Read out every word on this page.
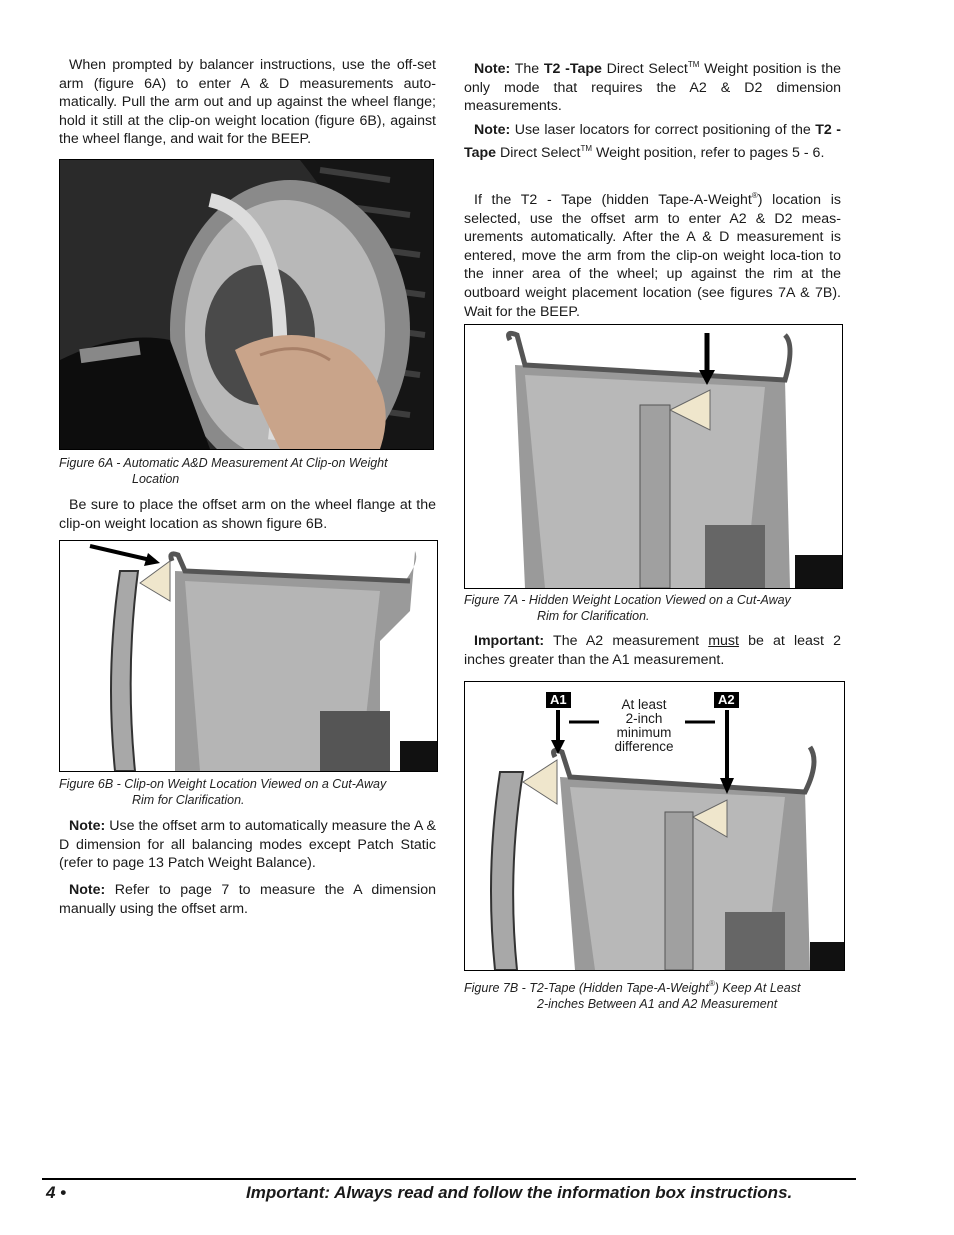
When prompted by balancer instructions, use the off-set arm (figure 6A) to enter A & D measurements auto-matically. Pull the arm out and up against the wheel flange; hold it still at the clip-on weight location (figure 6B), against the wheel flange, and wait for the BEEP.

Figure 6A - Automatic A&D Measurement At Clip-on Weight
Location

Be sure to place the offset arm on the wheel flange at the clip-on weight location as shown figure 6B.

Figure 6B - Clip-on Weight Location Viewed on a Cut-Away
Rim for Clarification.

Note: Use the offset arm to automatically measure the A & D dimension for all balancing modes except Patch Static (refer to page 13 Patch Weight Balance).

Note: Refer to page 7 to measure the A dimension manually using the offset arm.

Note: The T2 -Tape Direct Select™ Weight position is the only mode that requires the A2 & D2 dimension measurements.

Note: Use laser locators for correct positioning of the T2 -Tape Direct Select™ Weight position, refer to pages 5 - 6.

If the T2 - Tape (hidden Tape-A-Weight®) location is selected, use the offset arm to enter A2 & D2 meas-urements automatically. After the A & D measurement is entered, move the arm from the clip-on weight loca-tion to the inner area of the wheel; up against the rim at the outboard weight placement location (see figures 7A & 7B). Wait for the BEEP.

Figure 7A - Hidden Weight Location Viewed on a Cut-Away
Rim for Clarification.

Important: The A2 measurement must be at least 2 inches greater than the A1 measurement.

A1	A2
At least
2-inch
minimum
difference
Figure 7B - T2-Tape (Hidden Tape-A-Weight®) Keep At Least
2-inches Between A1 and A2 Measurement
4 •	Important: Always read and follow the information box instructions.
